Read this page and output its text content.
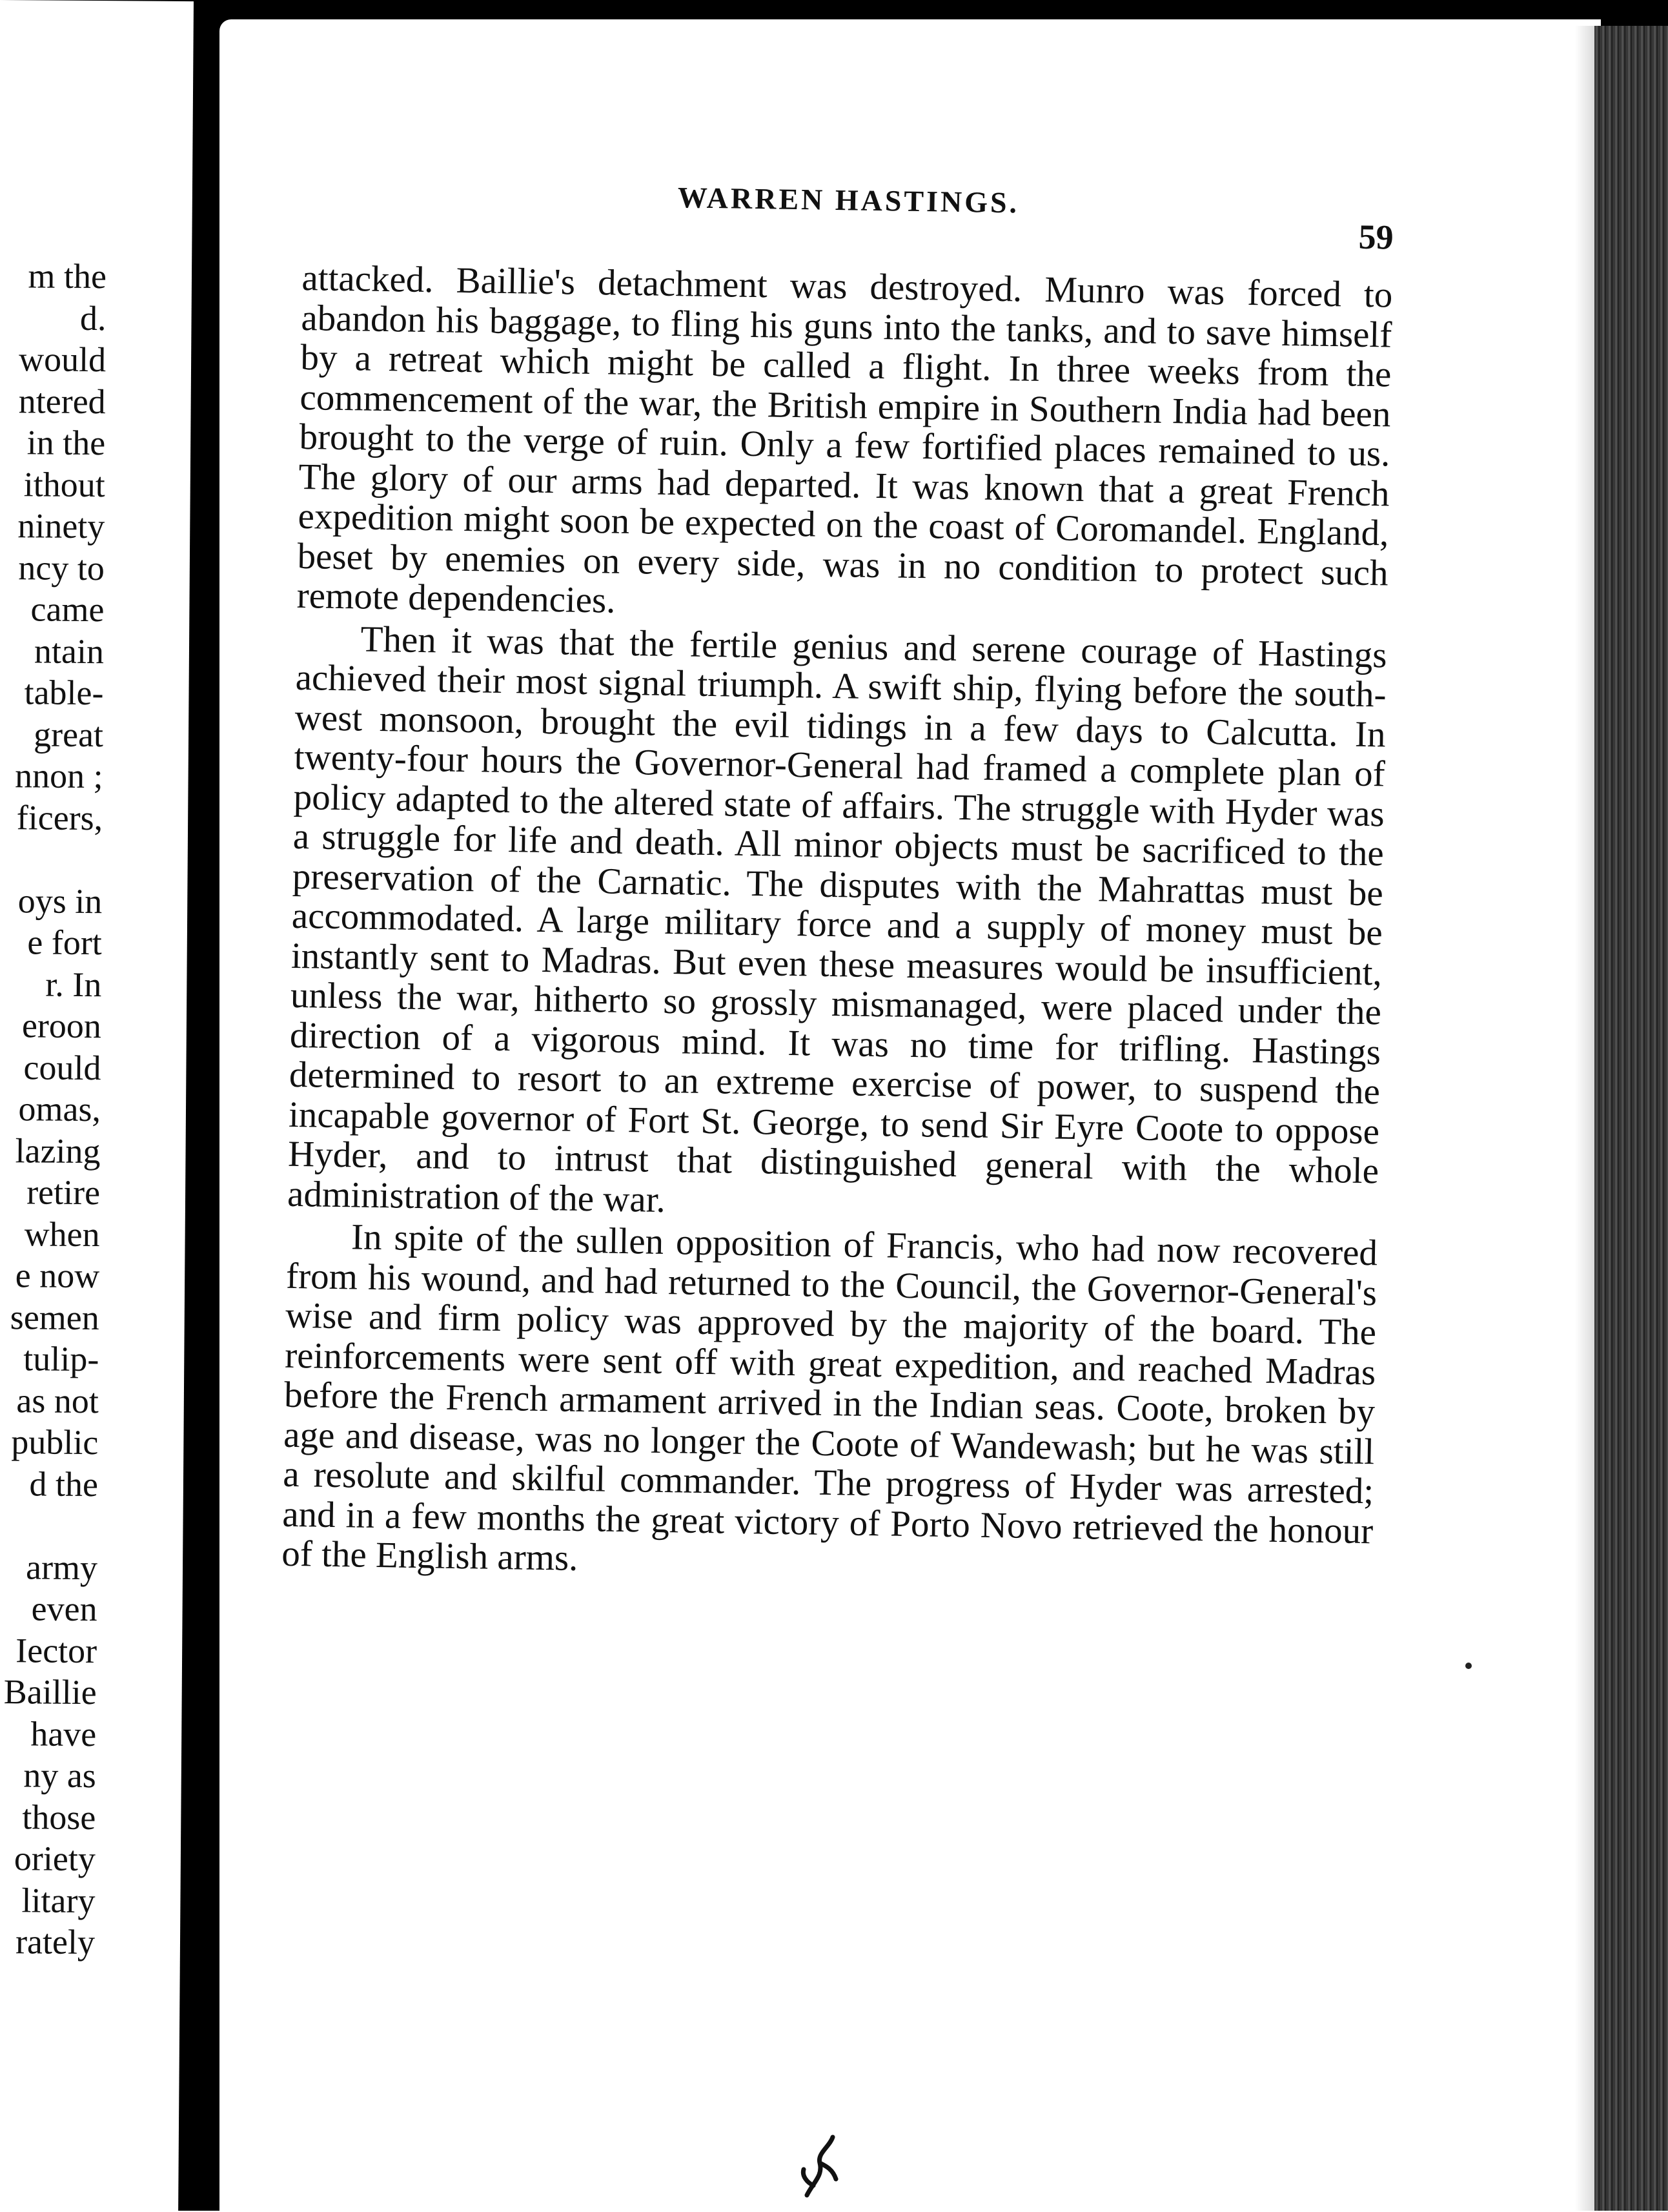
m the
d.
would
ntered
in the
ithout
ninety
ncy to
came
ntain
table-
great
nnon ;
ficers,
oys in
e fort
r. In
eroon
could
omas,
lazing
retire
when
e now
semen
tulip-
as not
public
d the
army
even
Iector
Baillie
have
ny as
those
oriety
litary
rately
WARREN HASTINGS.
59

attacked. Baillie's detachment was destroyed. Munro was forced to abandon his baggage, to fling his guns into the tanks, and to save himself by a retreat which might be called a flight. In three weeks from the commencement of the war, the British empire in Southern India had been brought to the verge of ruin. Only a few fortified places remained to us. The glory of our arms had departed. It was known that a great French expedition might soon be expected on the coast of Coromandel. England, beset by enemies on every side, was in no condition to protect such remote dependencies.

Then it was that the fertile genius and serene courage of Hastings achieved their most signal triumph. A swift ship, flying before the south-west monsoon, brought the evil tidings in a few days to Calcutta. In twenty-four hours the Governor-General had framed a complete plan of policy adapted to the altered state of affairs. The struggle with Hyder was a struggle for life and death. All minor objects must be sacrificed to the preservation of the Carnatic. The disputes with the Mahrattas must be accommodated. A large military force and a supply of money must be instantly sent to Madras. But even these measures would be insufficient, unless the war, hitherto so grossly mismanaged, were placed under the direction of a vigorous mind. It was no time for trifling. Hastings determined to resort to an extreme exercise of power, to suspend the incapable governor of Fort St. George, to send Sir Eyre Coote to oppose Hyder, and to intrust that distinguished general with the whole administration of the war.

In spite of the sullen opposition of Francis, who had now recovered from his wound, and had returned to the Council, the Governor-General's wise and firm policy was approved by the majority of the board. The reinforcements were sent off with great expedition, and reached Madras before the French armament arrived in the Indian seas. Coote, broken by age and disease, was no longer the Coote of Wandewash; but he was still a resolute and skilful commander. The progress of Hyder was arrested; and in a few months the great victory of Porto Novo retrieved the honour of the English arms.
